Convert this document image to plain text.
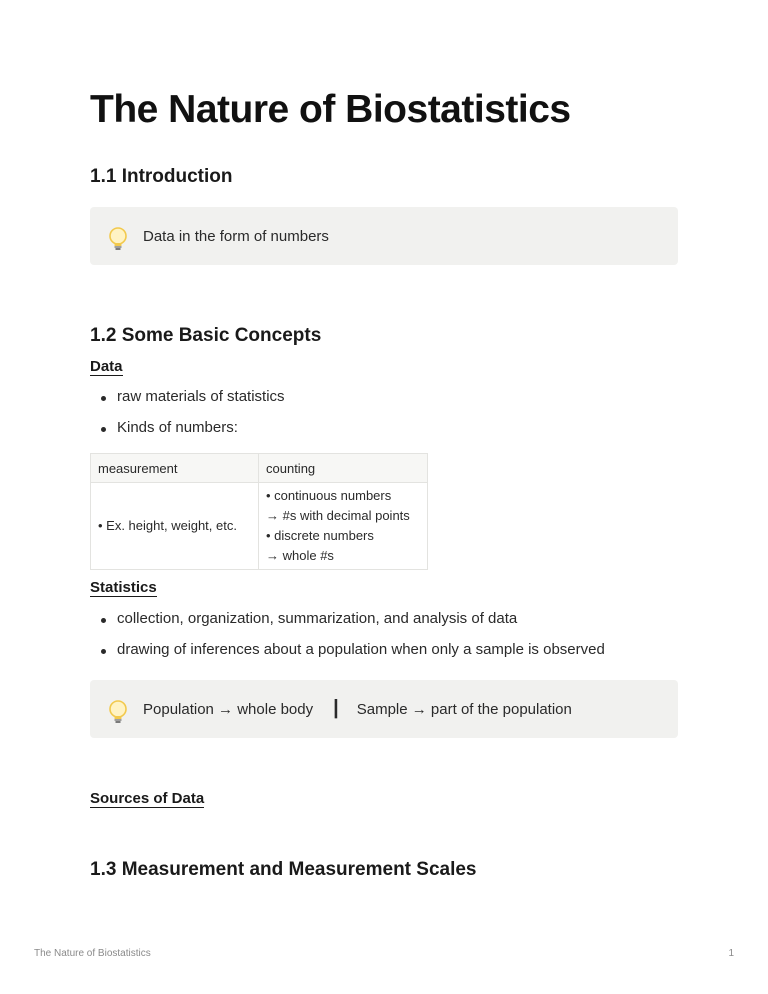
The Nature of Biostatistics
1.1 Introduction
Data in the form of numbers
1.2 Some Basic Concepts
Data
raw materials of statistics
Kinds of numbers:
measurement	counting
• Ex. height, weight, etc.	• continuous numbers
→ #s with decimal points
• discrete numbers
→ whole #s
Statistics
collection, organization, summarization, and analysis of data
drawing of inferences about a population when only a sample is observed
Population → whole body | Sample → part of the population
Sources of Data
1.3 Measurement and Measurement Scales
The Nature of Biostatistics	1
